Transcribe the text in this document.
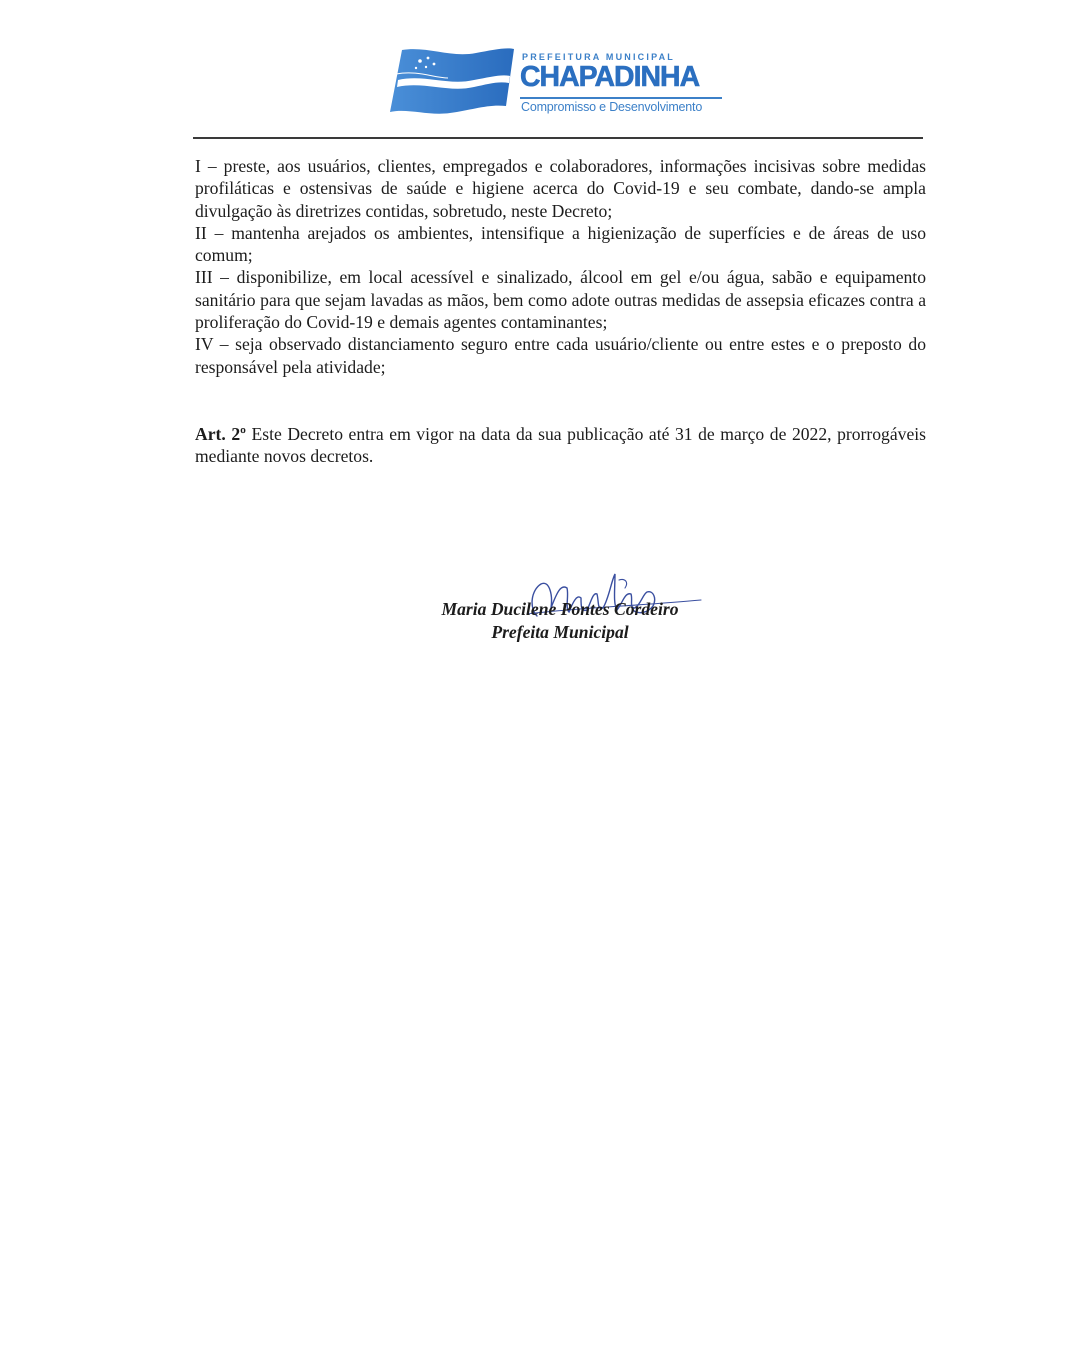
PREFEITURA MUNICIPAL
CHAPADINHA
Compromisso e Desenvolvimento

I – preste, aos usuários, clientes, empregados e colaboradores, informações incisivas sobre medidas profiláticas e ostensivas de saúde e higiene acerca do Covid-19 e seu combate, dando-se ampla divulgação às diretrizes contidas, sobretudo, neste Decreto;

II – mantenha arejados os ambientes, intensifique a higienização de superfícies e de áreas de uso comum;

III – disponibilize, em local acessível e sinalizado, álcool em gel e/ou água, sabão e equipamento sanitário para que sejam lavadas as mãos, bem como adote outras medidas de assepsia eficazes contra a proliferação do Covid-19 e demais agentes contaminantes;

IV – seja observado distanciamento seguro entre cada usuário/cliente ou entre estes e o preposto do responsável pela atividade;

Art. 2º Este Decreto entra em vigor na data da sua publicação até 31 de março de 2022, prorrogáveis mediante novos decretos.

Maria Ducilene Pontes Cordeiro
Prefeita Municipal
